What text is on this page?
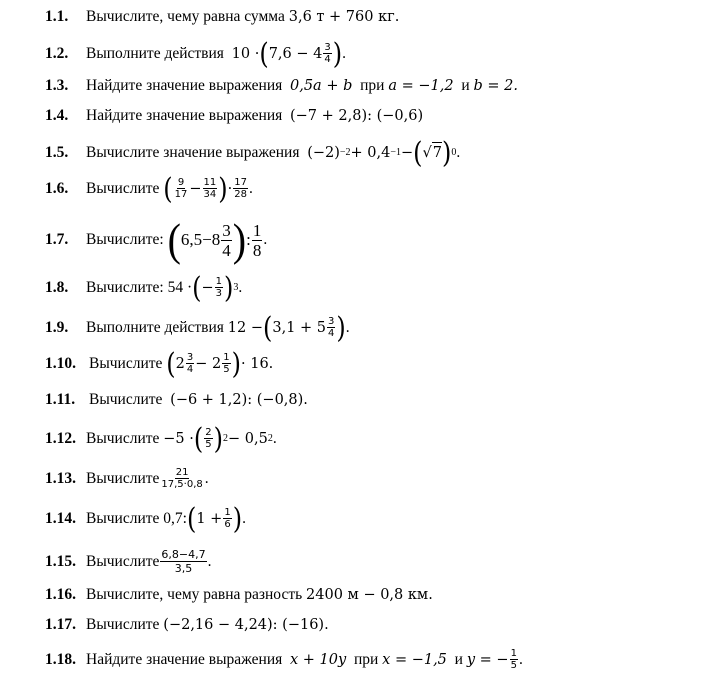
1.1.	Вычислите, чему равна сумма
3,6 т + 760 кг.
1.2.	Выполните действия
10 · ( $7,6 - 4 \frac{3}{4}$ ) .
1.3.	Найдите значение выражения
0,5a + b
при
a = −1,2
и
b = 2.
1.4.	Найдите значение выражения
(−7 + 2,8): (−0,6)
1.5.	Вычислите значение выражения
(−2) −2 + 0,4 −1 − ( √ 7 ) 0 .
1.6.	Вычислите
( $\frac{9}{17} - \frac{11}{34}$ ) · $\frac{17}{28}$ .
1.7.	Вычислите:
( $6,5-8 \frac{3}{4}$ ) : $\frac{1}{8}$ .
1.8.	Вычислите: 54 · ( − $\frac{1}{3}$ ) 3 .
1.9.	Выполните действия
12 − ( $3,1 + 5 \frac{3}{4}$ ) .
1.10. Вычислите
( $2 \frac{3}{4} - 2 \frac{1}{5}$ ) · 16.
1.11. Вычислите
(−6 + 1,2): (−0,8).
1.12. Вычислите
−5 · ( $\frac{2}{5}$ ) 2 − 0,5 2 .
1.13. Вычислите $\frac{21}{17,5\cdot 0,8}$ .
1.14. Вычислите 0,7: ( $1 + \frac{1}{6}$ ) .
1.15. Вычислите $\frac{6,8-4,7}{3,5}$ .
1.16. Вычислите, чему равна разность
2400 м − 0,8 км.
1.17. Вычислите
(−2,16 − 4,24): (−16).
1.18. Найдите значение выражения
x + 10y
при
x = −1,5
и
y = − $\frac{1}{5}$ .
